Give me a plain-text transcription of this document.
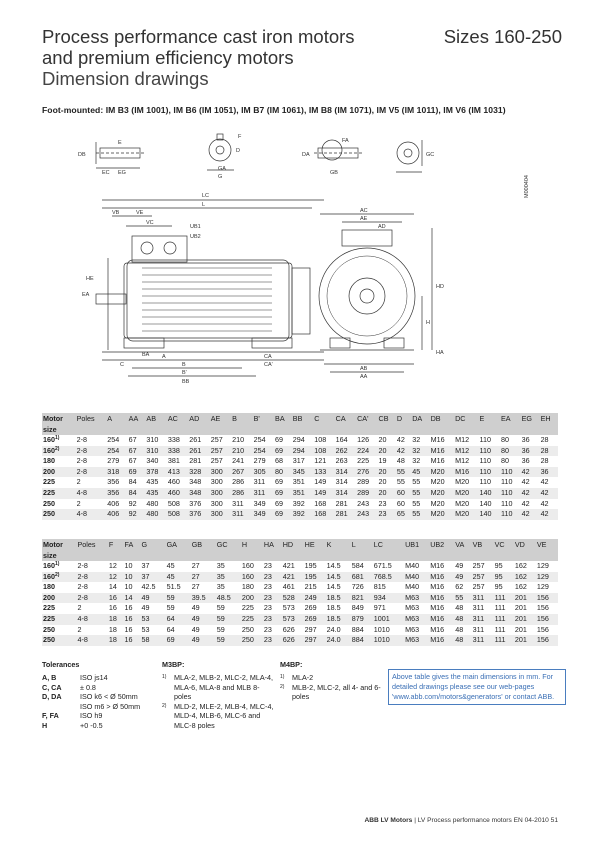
Process performance cast iron motors
and premium efficiency motors
Dimension drawings
Sizes 160-250
Foot-mounted: IM B3 (IM 1001), IM B6 (IM 1051), IM B7 (IM 1061), IM B8 (IM 1071), IM V5 (IM 1011), IM V6 (IM 1031)
DB
E
EG
EC
D
F
G
DA
FA
GB
GC
GA
LC
L
VE
VB
VC
UB1
UB2
HE
EA
C
BA
B
A	CA
CA'
B'
BB
AA
AC
HA
HD
H
AB
AE
AD
M000404
Motor	Poles	A	AA	AB	AC	AD	AE	B	B'	BA	BB	C	CA	CA'	CB	D	DA	DB	DC	E	EA	EG	EH
size																							
160$^{1)}$	2-8	254	67	310	338	261	257	210	254	69	294	108	164	126	20	42	32	M16	M12	110	80	36	28
160$^{2)}$	2-8	254	67	310	338	261	257	210	254	69	294	108	262	224	20	42	32	M16	M12	110	80	36	28
180	2-8	279	67	340	381	281	257	241	279	68	317	121	263	225	19	48	32	M16	M12	110	80	36	28
200	2-8	318	69	378	413	328	300	267	305	80	345	133	314	276	20	55	45	M20	M16	110	110	42	36
225	2	356	84	435	460	348	300	286	311	69	351	149	314	289	20	55	55	M20	M20	110	110	42	42
225	4-8	356	84	435	460	348	300	286	311	69	351	149	314	289	20	60	55	M20	M20	140	110	42	42
250	2	406	92	480	508	376	300	311	349	69	392	168	281	243	23	60	55	M20	M20	140	110	42	42
250	4-8	406	92	480	508	376	300	311	349	69	392	168	281	243	23	65	55	M20	M20	140	110	42	42
Motor	Poles	F	FA	G	GA	GB	GC	H	HA	HD	HE	K	L	LC	UB1	UB2	VA	VB	VC	VD	VE
size																					
160$^{1)}$	2-8	12	10	37	45	27	35	160	23	421	195	14.5	584	671.5	M40	M16	49	257	95	162	129
160$^{2)}$	2-8	12	10	37	45	27	35	160	23	421	195	14.5	681	768.5	M40	M16	49	257	95	162	129
180	2-8	14	10	42.5	51.5	27	35	180	23	461	215	14.5	726	815	M40	M16	62	257	95	162	129
200	2-8	16	14	49	59	39.5	48.5	200	23	528	249	18.5	821	934	M63	M16	55	311	111	201	156
225	2	16	16	49	59	49	59	225	23	573	269	18.5	849	971	M63	M16	48	311	111	201	156
225	4-8	18	16	53	64	49	59	225	23	573	269	18.5	879	1001	M63	M16	48	311	111	201	156
250	2	18	16	53	64	49	59	250	23	626	297	24.0	884	1010	M63	M16	48	311	111	201	156
250	4-8	18	16	58	69	49	59	250	23	626	297	24.0	884	1010	M63	M16	48	311	111	201	156
Tolerances
A, B	ISO js14
C, CA	± 0.8
D, DA	ISO k6 < Ø 50mm
ISO m6 > Ø 50mm
F, FA	ISO h9
H	+0 -0.5
M3BP:
1)	MLA-2, MLB-2, MLC-2, MLA-4, MLA-6, MLA-8 and MLB 8-poles
2)	MLD-2, MLE-2, MLB-4, MLC-4, MLD-4, MLB-6, MLC-6 and MLC-8 poles
M4BP:
1)	MLA-2
2)	MLB-2, MLC-2, all 4- and 6-poles
Above table gives the main dimensions in mm. For detailed drawings please see our web-pages 'www.abb.com/motors&generators' or contact ABB.
ABB LV Motors | LV Process performance motors EN 04-2010 51
